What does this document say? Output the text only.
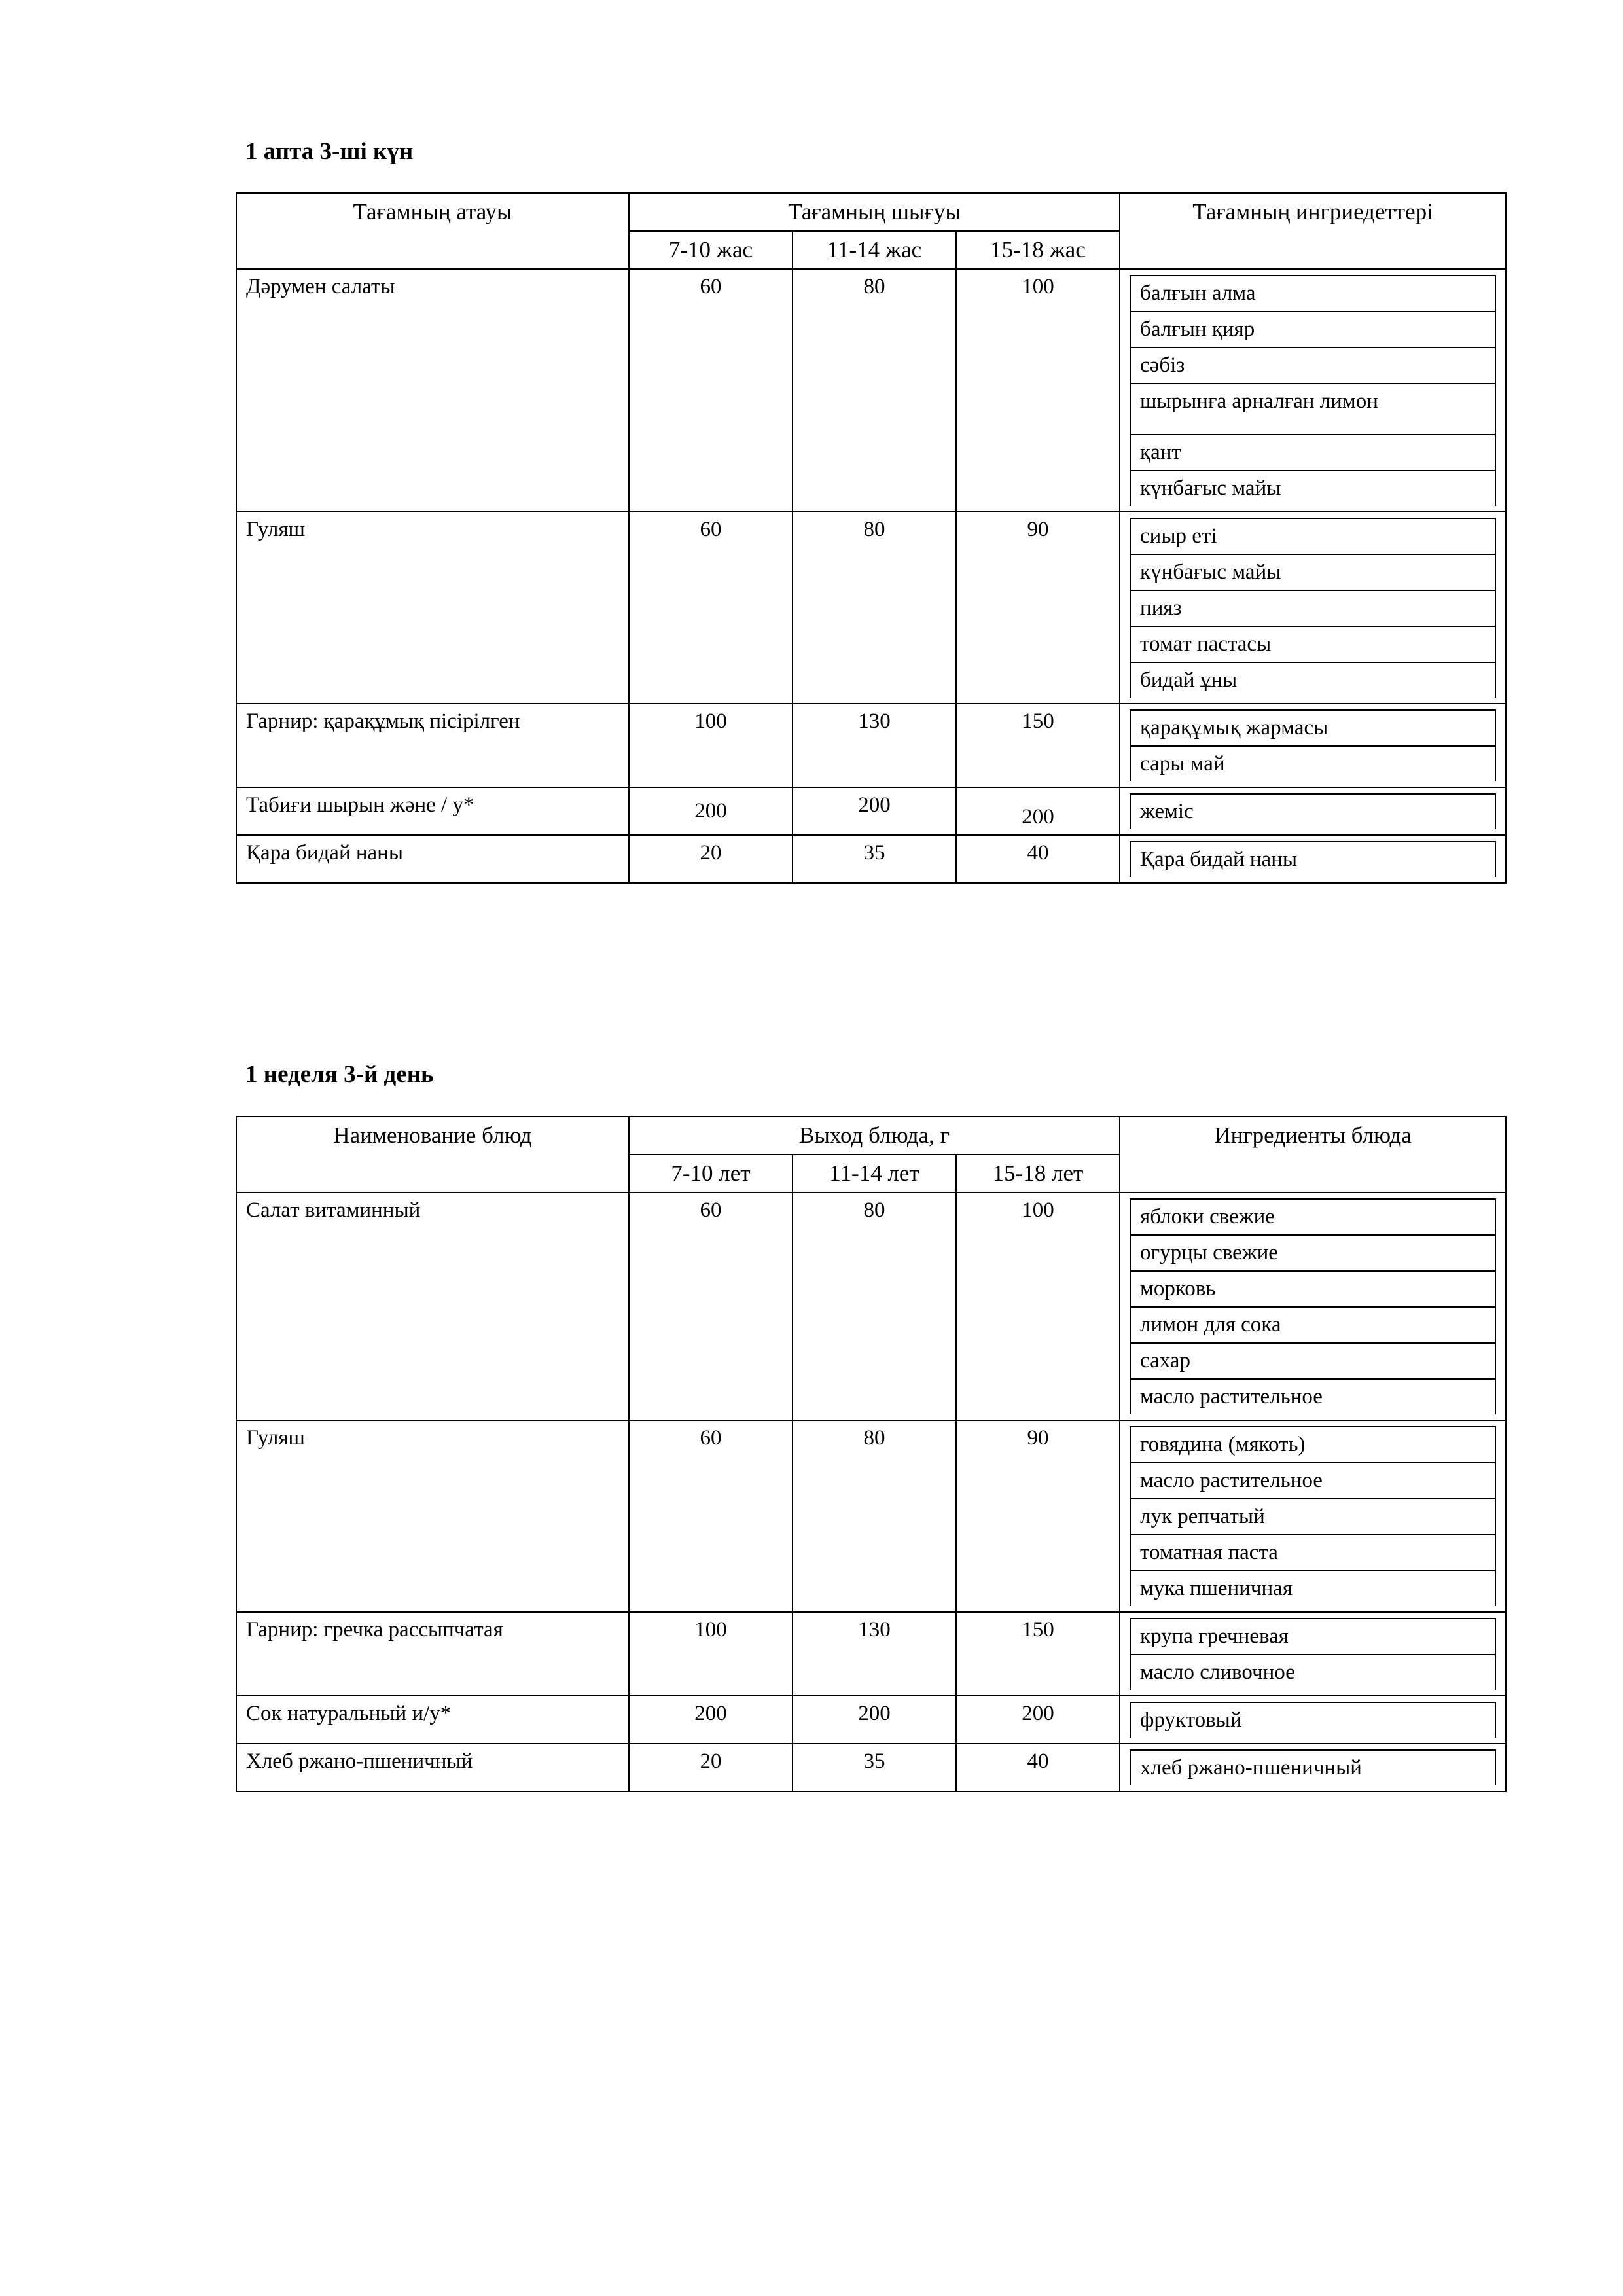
1 апта 3-ші күн
Тағамның атауы	Тағамның шығуы	Тағамның ингриедеттері
7-10 жас	11-14 жас	15-18 жас
Дәрумен салаты	60	80	100		балғын алма
балғын қияр
сәбіз
шырынға арналған лимон
қант
күнбағыс майы

Гуляш	60	80	90		сиыр еті
күнбағыс майы
пияз
томат пастасы
бидай ұны

Гарнир: қарақұмық пісірілген	100	130	150		қарақұмық жармасы
сары май

Табиғи шырын және / у*	200	200	200		жеміс

Қара бидай наны	20	35	40		Қара бидай наны
1 неделя 3-й день
Наименование блюд	Выход блюда, г	Ингредиенты блюда
7-10 лет	11-14 лет	15-18 лет
Салат витаминный	60	80	100		яблоки свежие
огурцы свежие
морковь
лимон для сока
сахар
масло растительное

Гуляш	60	80	90		говядина (мякоть)
масло растительное
лук репчатый
томатная паста
мука пшеничная

Гарнир: гречка рассыпчатая	100	130	150		крупа гречневая
масло сливочное

Сок натуральный и/у*	200	200	200		фруктовый

Хлеб ржано-пшеничный	20	35	40		хлеб ржано-пшеничный
